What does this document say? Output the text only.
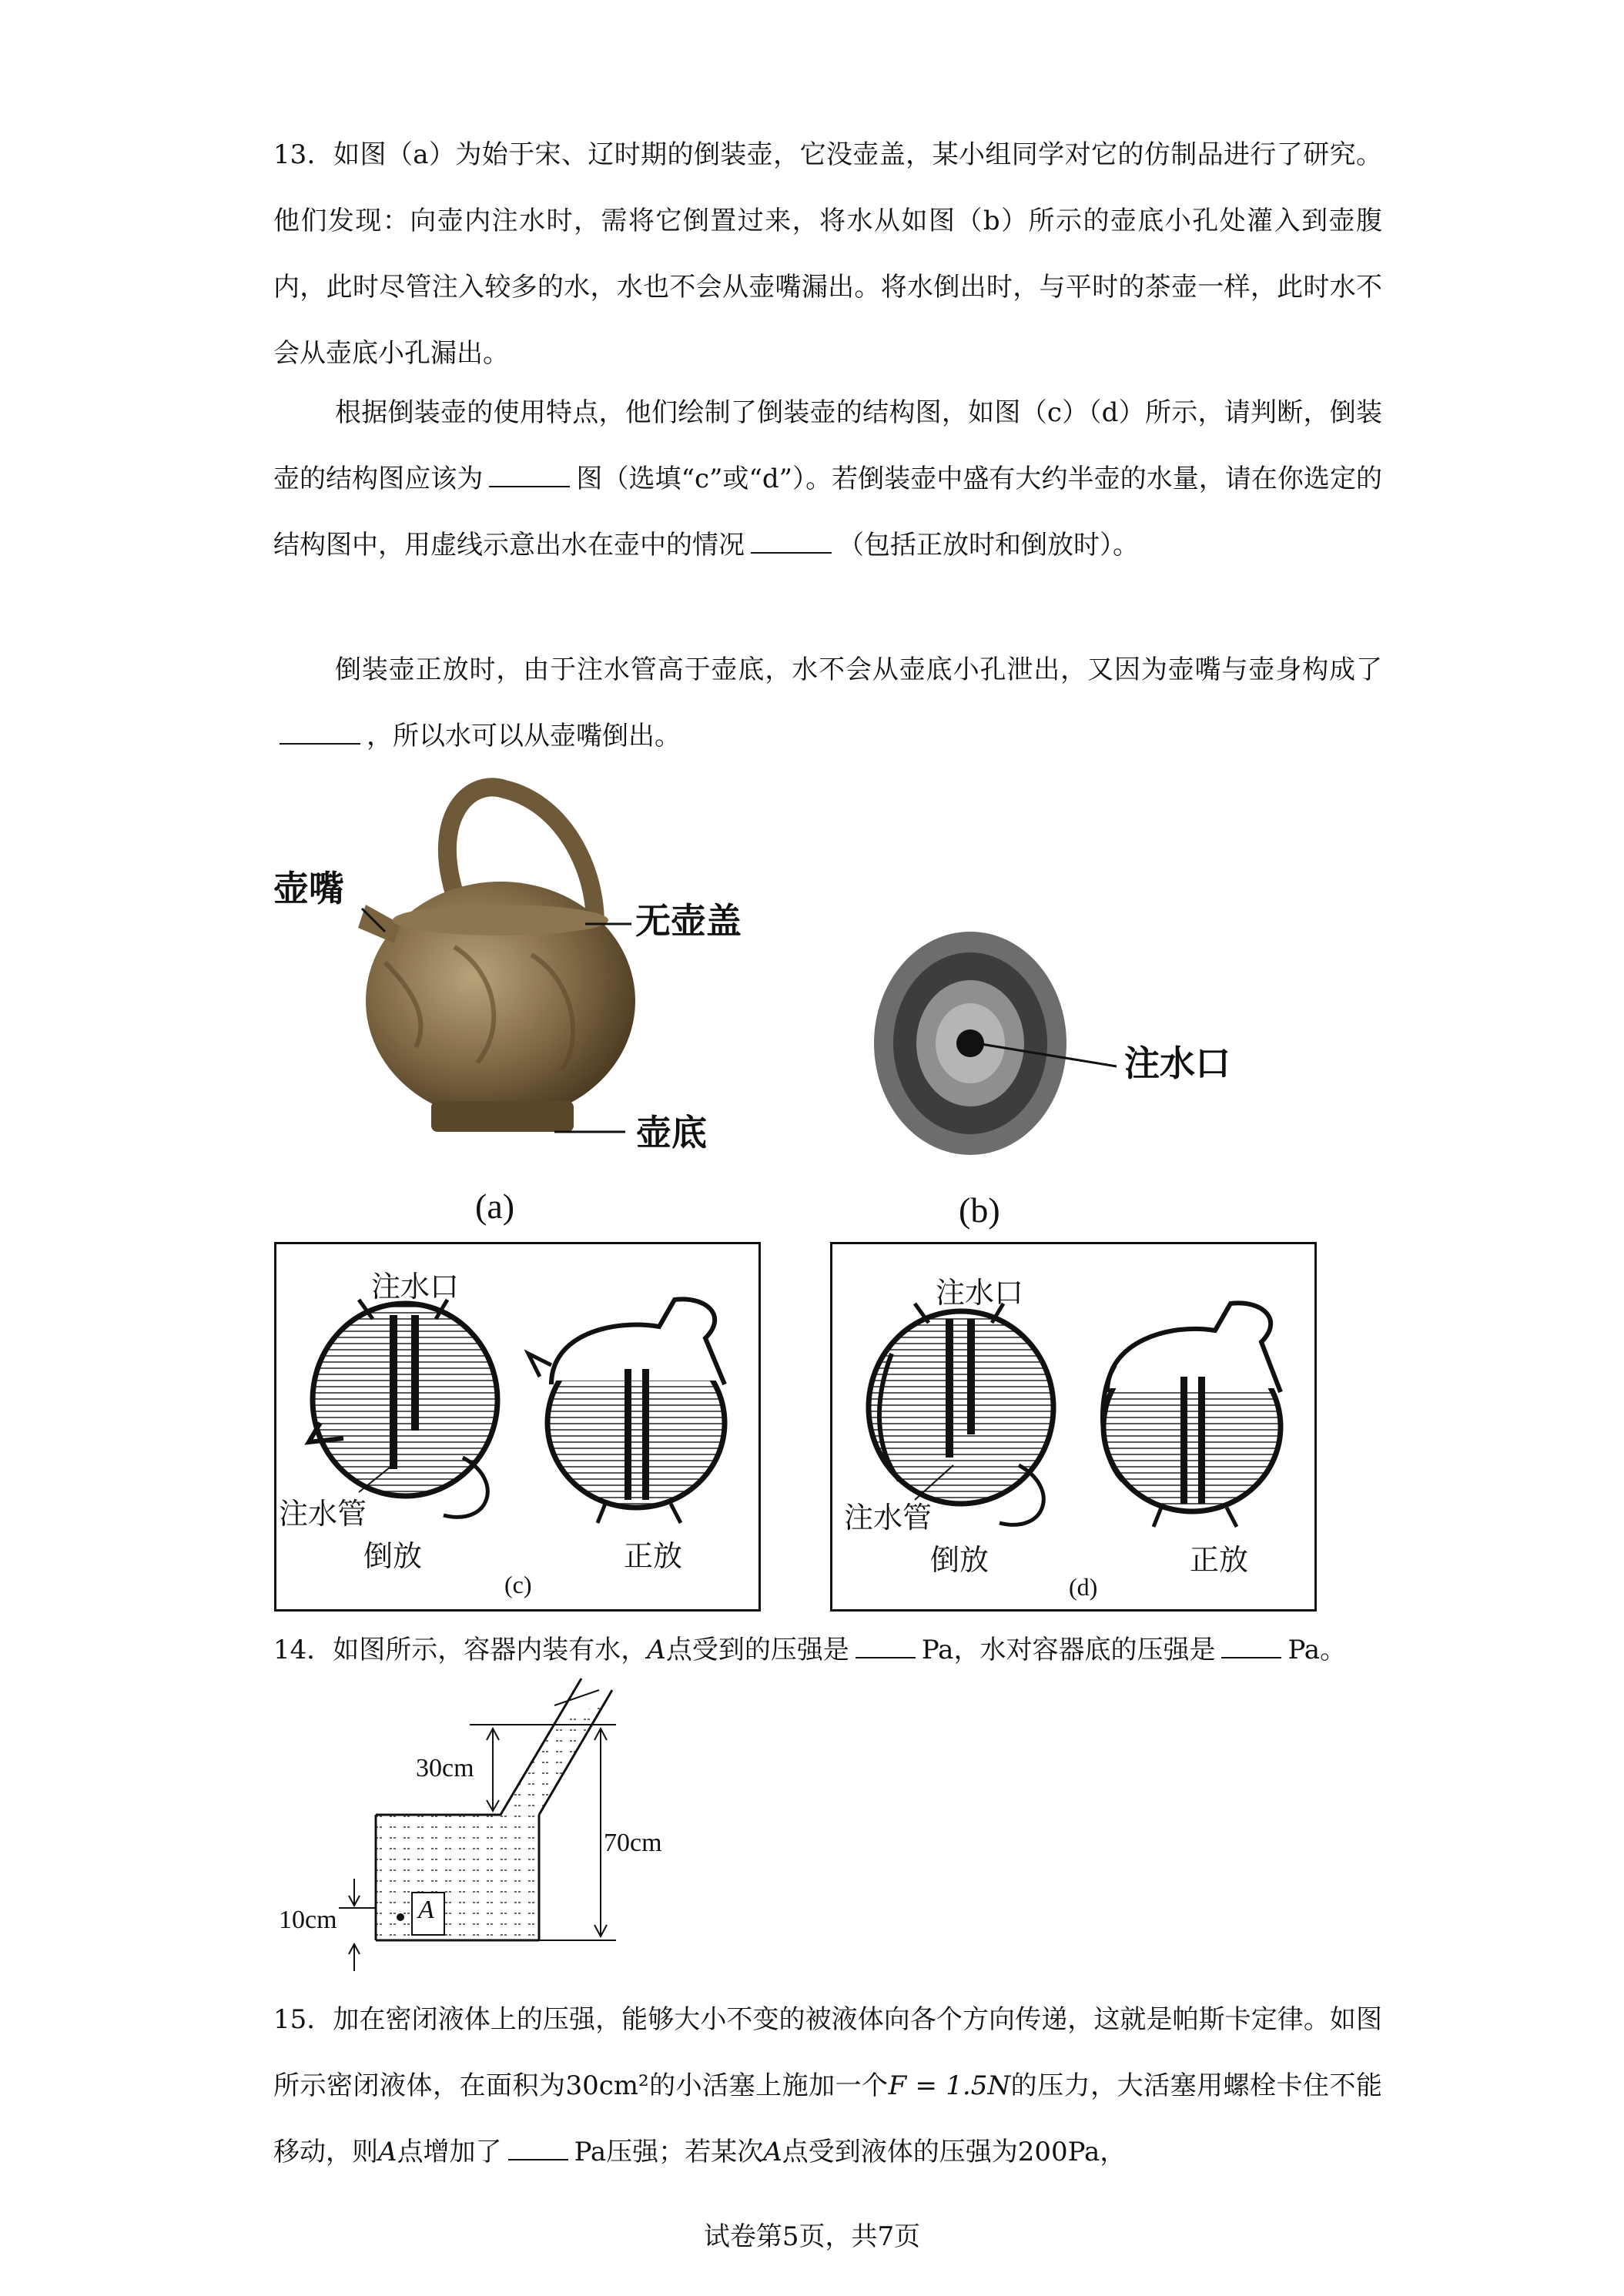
13．如图（a）为始于宋、辽时期的倒装壶，它没壶盖，某小组同学对它的仿制品进行了研究。他们发现：向壶内注水时，需将它倒置过来，将水从如图（b）所示的壶底小孔处灌入到壶腹内，此时尽管注入较多的水，水也不会从壶嘴漏出。将水倒出时，与平时的茶壶一样，此时水不会从壶底小孔漏出。

根据倒装壶的使用特点，他们绘制了倒装壶的结构图，如图（c）（d）所示，请判断，倒装壶的结构图应该为	图（选填“c”或“d”）。若倒装壶中盛有大约半壶的水量，请在你选定的结构图中，用虚线示意出水在壶中的情况	（包括正放时和倒放时）。

倒装壶正放时，由于注水管高于壶底，水不会从壶底小孔泄出，又因为壶嘴与壶身构成了，所以水可以从壶嘴倒出。

壶嘴
无壶盖
壶底
(a)
注水口
(b)
注水口
注水管
倒放	正放
(c)
注水口
注水管
倒放	正放
(d)

14．如图所示，容器内装有水，A点受到的压强是	Pa，水对容器底的压强是	Pa。

30cm
70cm
10cm	A

15．加在密闭液体上的压强，能够大小不变的被液体向各个方向传递，这就是帕斯卡定律。如图所示密闭液体，在面积为30cm²的小活塞上施加一个F = 1.5N的压力，大活塞用螺栓卡住不能移动，则A点增加了	Pa压强；若某次A点受到液体的压强为200Pa，

试卷第5页，共7页
